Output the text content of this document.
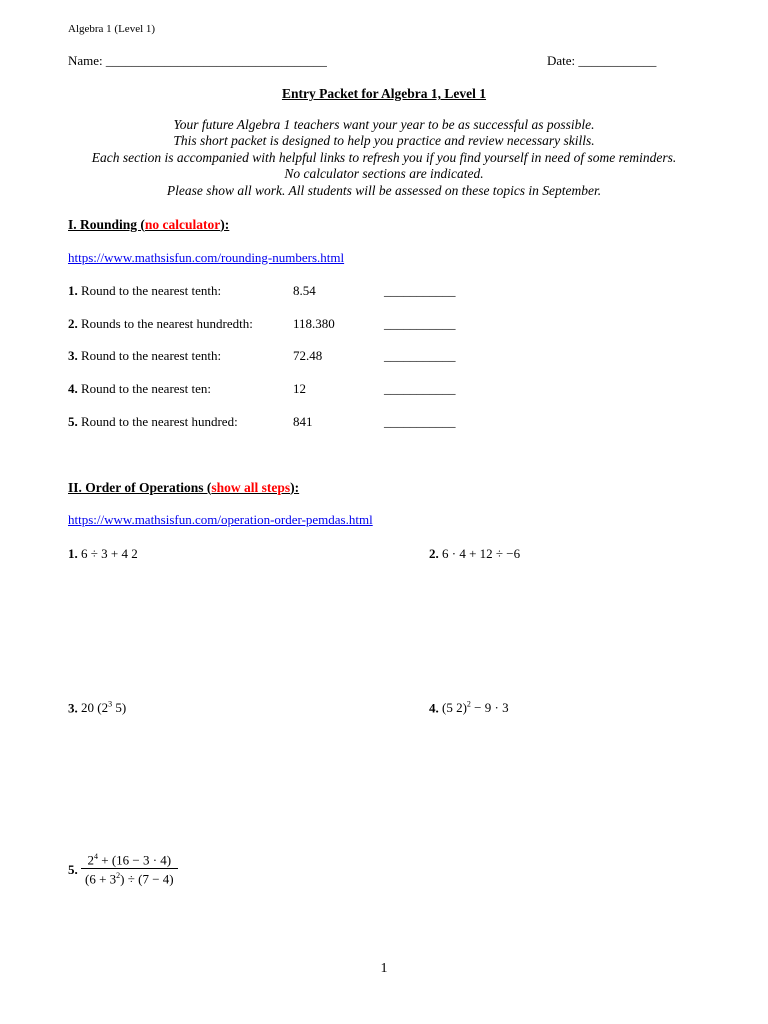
Algebra 1 (Level 1)
Name: __________________________________	Date: ____________
Entry Packet for Algebra 1, Level 1
Your future Algebra 1 teachers want your year to be as successful as possible.
This short packet is designed to help you practice and review necessary skills.
Each section is accompanied with helpful links to refresh you if you find yourself in need of some reminders.
No calculator sections are indicated.
Please show all work. All students will be assessed on these topics in September.
I. Rounding (no calculator):
https://www.mathsisfun.com/rounding-numbers.html
1. Round to the nearest tenth:	8.54	___________
2. Rounds to the nearest hundredth:	118.380	___________
3. Round to the nearest tenth:	72.48	___________
4. Round to the nearest ten:	12	___________
5. Round to the nearest hundred:	841	___________
II. Order of Operations (show all steps):
https://www.mathsisfun.com/operation-order-pemdas.html
1. 6 ÷ 3 + 4 2	2. 6 · 4 + 12 ÷ −6
3. 20 ($2^3$ 5)	4. (5 2)$^2$ − 9 · 3
5. $\frac{2^4 + (16 - 3 \cdot 4)}{(6 + 3^2) \div (7 - 4)}$
1
